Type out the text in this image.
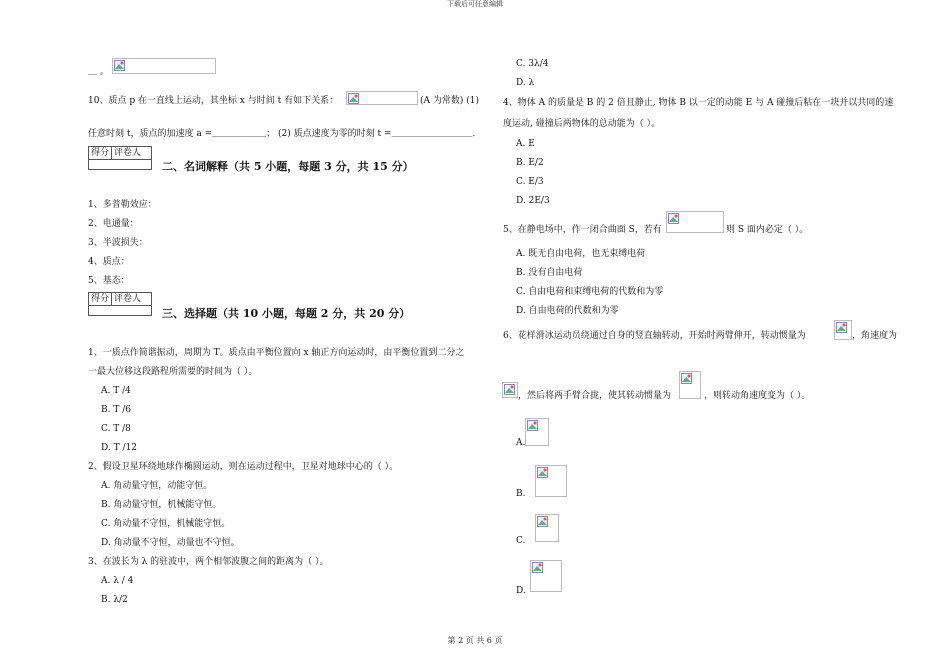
下载后可任意编辑
＿ 。
10、质点 p 在一直线上运动，其坐标 x 与时间 t 有如下关系：	(A 为常数) (1)
任意时刻 t，质点的加速度 a =＿＿＿＿＿＿； (2) 质点速度为零的时刻 t =＿＿＿＿＿＿＿＿＿.
得分 评卷人
二、名词解释（共 5 小题，每题 3 分，共 15 分）
1、多普勒效应：
2、电通量：
3、半波损失：
4、质点：
5、基态：
得分 评卷人
三、选择题（共 10 小题，每题 2 分，共 20 分）
1、一质点作简谐振动，周期为 T。质点由平衡位置向 x 轴正方向运动时，由平衡位置到二分之
一最大位移这段路程所需要的时间为（ ）。
A. T /4
B. T /6
C. T /8
D. T /12
2、假设卫星环绕地球作椭圆运动，则在运动过程中，卫星对地球中心的（ ）。
A. 角动量守恒，动能守恒。
B. 角动量守恒，机械能守恒。
C. 角动量不守恒，机械能守恒。
D. 角动量不守恒，动量也不守恒。
3、在波长为 λ 的驻波中，两个相邻波腹之间的距离为（ ）。
A. λ / 4
B. λ/2
C. 3λ/4
D. λ
4、物体 A 的质量是 B 的 2 倍且静止, 物体 B 以一定的动能 E 与 A 碰撞后粘在一块并以共同的速
度运动, 碰撞后两物体的总动能为（ ）。
A. E
B. E/2
C. E/3
D. 2E/3
5、在静电场中，作一闭合曲面 S，若有	则 S 面内必定（ ）。
A. 既无自由电荷，也无束缚电荷
B. 没有自由电荷
C. 自由电荷和束缚电荷的代数和为零
D. 自由电荷的代数和为零
6、花样滑冰运动员绕通过自身的竖直轴转动，开始时两臂伸开，转动惯量为	，角速度为
，然后将两手臂合拢，使其转动惯量为	，则转动角速度变为（ ）。
A.
B.
C.
D.
第 2 页 共 6 页
